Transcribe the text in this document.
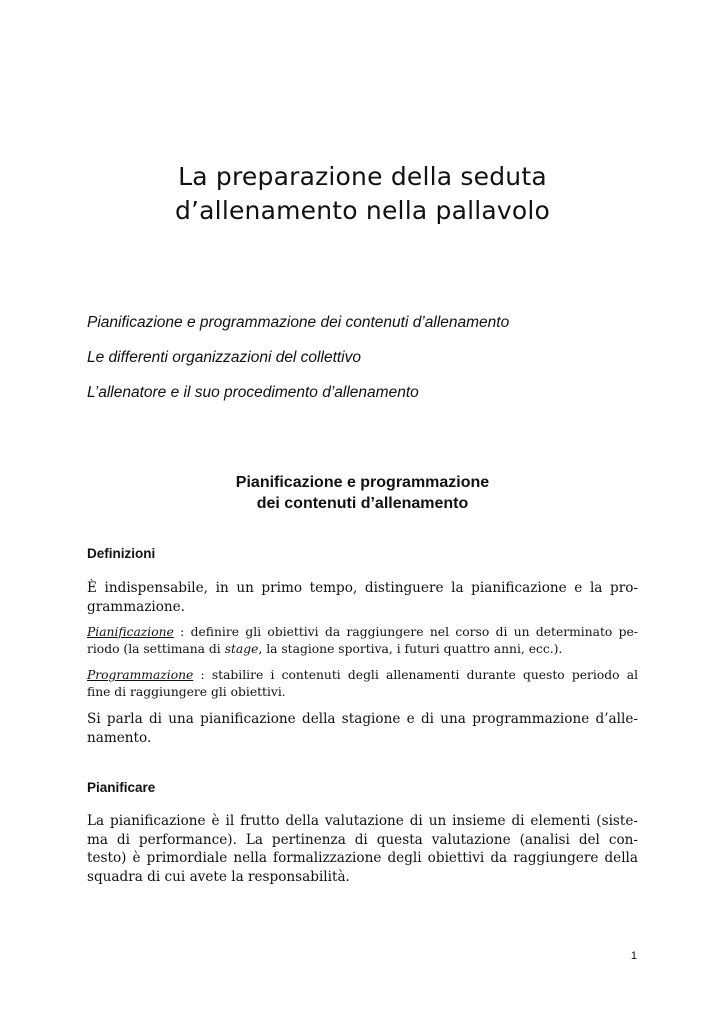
La preparazione della seduta
d’allenamento nella pallavolo

Pianificazione e programmazione dei contenuti d’allenamento

Le differenti organizzazioni del collettivo

L’allenatore e il suo procedimento d’allenamento

Pianificazione e programmazione
dei contenuti d’allenamento
Definizioni

È indispensabile, in un primo tempo, distinguere la pianificazione e la pro-
grammazione.

Pianificazione : definire gli obiettivi da raggiungere nel corso di un determinato pe-
riodo (la settimana di stage, la stagione sportiva, i futuri quattro anni, ecc.).

Programmazione : stabilire i contenuti degli allenamenti durante questo periodo al
fine di raggiungere gli obiettivi.

Si parla di una pianificazione della stagione e di una programmazione d’alle-
namento.

Pianificare

La pianificazione è il frutto della valutazione di un insieme di elementi (siste-
ma di performance). La pertinenza di questa valutazione (analisi del con-
testo) è primordiale nella formalizzazione degli obiettivi da raggiungere della
squadra di cui avete la responsabilità.

1
